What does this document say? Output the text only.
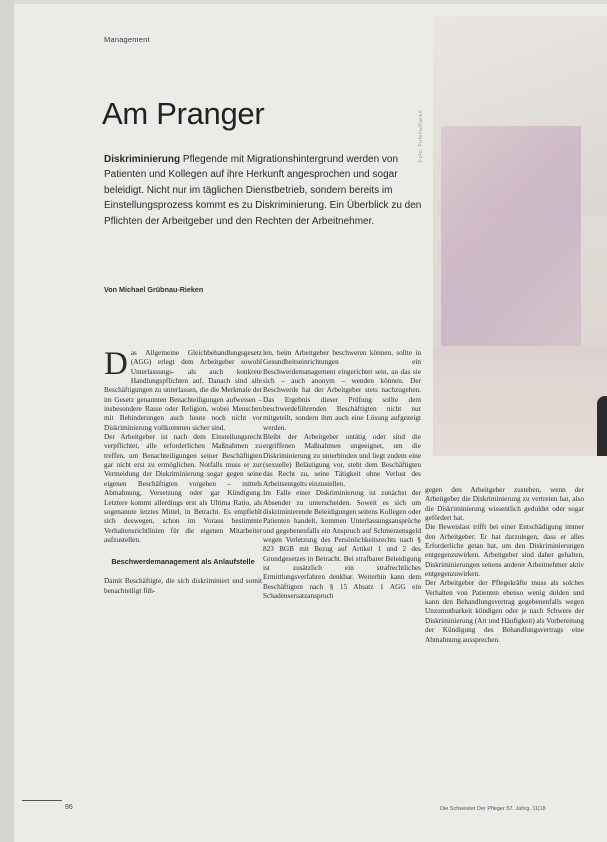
Management
Foto: Fotolia/Karen
Am Pranger

Diskriminierung Pflegende mit Migrationshintergrund werden von Patienten und Kollegen auf ihre Herkunft angesprochen und sogar beleidigt. Nicht nur im täglichen Dienstbetrieb, sondern bereits im Einstellungsprozess kommt es zu Diskriminierung. Ein Überblick zu den Pflichten der Arbeitgeber und den Rechten der Arbeitnehmer.

Von Michael Grübnau-Rieken

Das Allgemeine Gleichbehandlungsgesetz (AGG) erlegt dem Arbeitgeber sowohl Unterlassungs- als auch konkrete Handlungspflichten auf. Danach sind alle Beschäftigungen zu unterlassen, die die Merkmale der im Gesetz genannten Benachteiligungen aufweisen – insbesondere Rasse oder Religion, wobei Menschen mit Behinderungen auch heute noch nicht vor Diskriminierung vollkommen sicher sind.

Der Arbeitgeber ist nach dem Einstellungsrecht verpflichtet, alle erforderlichen Maßnahmen zu treffen, um Benachteiligungen seiner Beschäftigten gar nicht erst zu ermöglichen. Notfalls muss er zur Vermeidung der Diskriminierung sogar gegen seine eigenen Beschäftigten vorgehen – mittels Abmahnung, Versetzung oder gar Kündigung. Letztere kommt allerdings erst als Ultima Ratio, als sogenannte letztes Mittel, in Betracht. Es empfiehlt sich deswegen, schon im Voraus bestimmte Verhaltensrichtlinien für die eigenen Mitarbeiter aufzustellen.

Beschwerdemanagement als Anlaufstelle

Damit Beschäftigte, die sich diskriminiert und somit benachteiligt füh-

len, beim Arbeitgeber beschweren können, sollte in Gesundheitseinrichtungen ein Beschwerdemanagement eingerichtet sein, an das sie sich – auch anonym – wenden können. Der Beschwerde hat der Arbeitgeber stets nachzugehen. Das Ergebnis dieser Prüfung sollte dem beschwerdeführenden Beschäftigten nicht nur mitgeteilt, sondern ihm auch eine Lösung aufgezeigt werden.

Bleibt der Arbeitgeber untätig oder sind die ergriffenen Maßnahmen ungeeignet, um die Diskriminierung zu unterbinden und liegt zudem eine (sexuelle) Belästigung vor, steht dem Beschäftigten das Recht zu, seine Tätigkeit ohne Verlust des Arbeitsentgelts einzustellen.

Im Falle einer Diskriminierung ist zunächst der Absender zu unterscheiden. Soweit es sich um diskriminierende Beleidigungen seitens Kollegen oder Patienten handelt, kommen Unterlassungsansprüche und gegebenenfalls ein Anspruch auf Schmerzensgeld wegen Verletzung des Persönlichkeitsrechts nach § 823 BGB mit Bezug auf Artikel 1 und 2 des Grundgesetzes in Betracht. Bei strafbarer Beleidigung ist zusätzlich ein strafrechtliches Ermittlungsverfahren denkbar. Weiterhin kann dem Beschäftigten nach § 15 Absatz 1 AGG ein Schadensersatzanspruch

gegen den Arbeitgeber zustehen, wenn der Arbeitgeber die Diskriminierung zu vertreten hat, also die Diskriminierung wissentlich geduldet oder sogar gefördert hat.

Die Beweislast trifft bei einer Entschädigung immer den Arbeitgeber. Er hat darzulegen, dass er alles Erforderliche getan hat, um den Diskriminierungen entgegenzuwirken. Arbeitgeber sind daher gehalten, Diskriminierungen seitens anderer Arbeitnehmer aktiv entgegenzuwirken.

Der Arbeitgeber der Pflegekräfte muss als solches Verhalten von Patienten ebenso wenig dulden und kann den Behandlungsvertrag gegebenenfalls wegen Unzumutbarkeit kündigen oder je nach Schwere der Diskriminierung (Art und Häufigkeit) als Vorbereitung der Kündigung des Behandlungsvertrags eine Abmahnung aussprechen.

96	Die Schwester Der Pfleger 57. Jahrg. 11|18
